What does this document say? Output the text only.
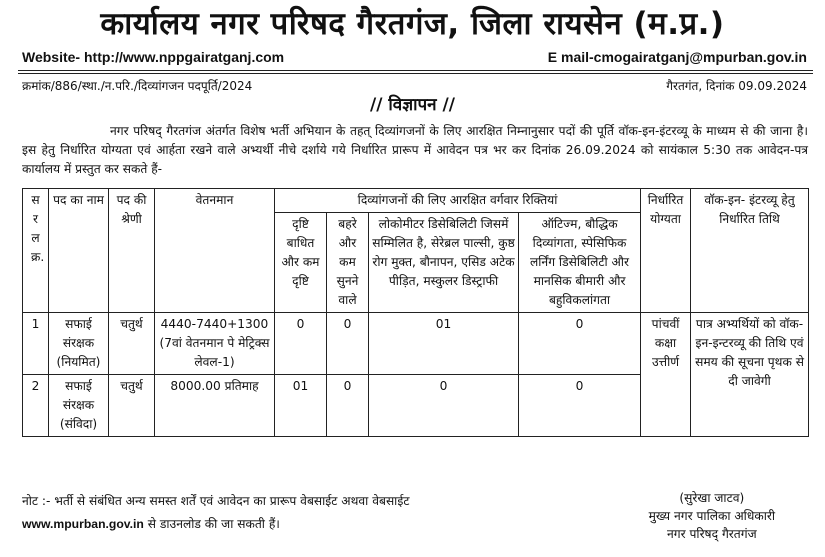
कार्यालय नगर परिषद गैरतगंज, जिला रायसेन (म.प्र.)
Website- http://www.nppgairatganj.com	E mail-cmogairatganj@mpurban.gov.in
क्रमांक/886/स्था./न.परि./दिव्यांगजन पदपूर्ति/2024	गैरतगंत, दिनांक 09.09.2024
// विज्ञापन //
नगर परिषद् गैरतगंज अंतर्गत विशेष भर्ती अभियान के तहत् दिव्यांगजनों के लिए आरक्षित निम्नानुसार पदों की पूर्ति वॉक-इन-इंटरव्यू के माध्यम से की जाना है। इस हेतु निर्धारित योग्यता एवं आर्हता रखने वाले अभ्यर्थी नीचे दर्शाये गये निर्धारित प्रारूप में आवेदन पत्र भर कर दिनांक 26.09.2024 को सायंकाल 5:30 तक आवेदन-पत्र कार्यालय में प्रस्तुत कर सकते हैं-
स र ल क्र.	पद का नाम	पद की श्रेणी	वेतनमान	दिव्यांगजनों की लिए आरक्षित वर्गवार रिक्तियां				निर्धारित योग्यता	वॉक-इन- इंटरव्यू हेतु निर्धारित तिथि
				दृष्टि बाधित और कम दृष्टि	बहरे और कम सुनने वाले	लोकोमीटर डिसेबिलिटी जिसमें सम्मिलित है, सेरेब्रल पाल्सी, कुष्ठ रोग मुक्त, बौनापन, एसिड अटेक पीड़ित, मस्कुलर डिस्ट्राफी	ऑटिज्म, बौद्धिक दिव्यांगता, स्पेसिफिक लर्निंग डिसेबिलिटी और मानसिक बीमारी और बहुविकलांगता		
1	सफाई संरक्षक (नियमित)	चतुर्थ	4440-7440+1300 (7वां वेतनमान पे मेट्रिक्स लेवल-1)	0	0	01	0	पांचवीं कक्षा उत्तीर्ण	पात्र अभ्यर्थियों को वॉक-इन-इन्टरव्यू की तिथि एवं समय की सूचना पृथक से दी जावेगी
2	सफाई संरक्षक (संविदा)	चतुर्थ	8000.00 प्रतिमाह	01	0	0	0		
नोट :- भर्ती से संबंधित अन्य समस्त शर्तें एवं आवेदन का प्रारूप वेबसाईट अथवा वेबसाईट
www.mpurban.gov.in से डाउनलोड की जा सकती हैं।
(सुरेखा जाटव)
मुख्य नगर पालिका अधिकारी
नगर परिषद् गैरतगंज
